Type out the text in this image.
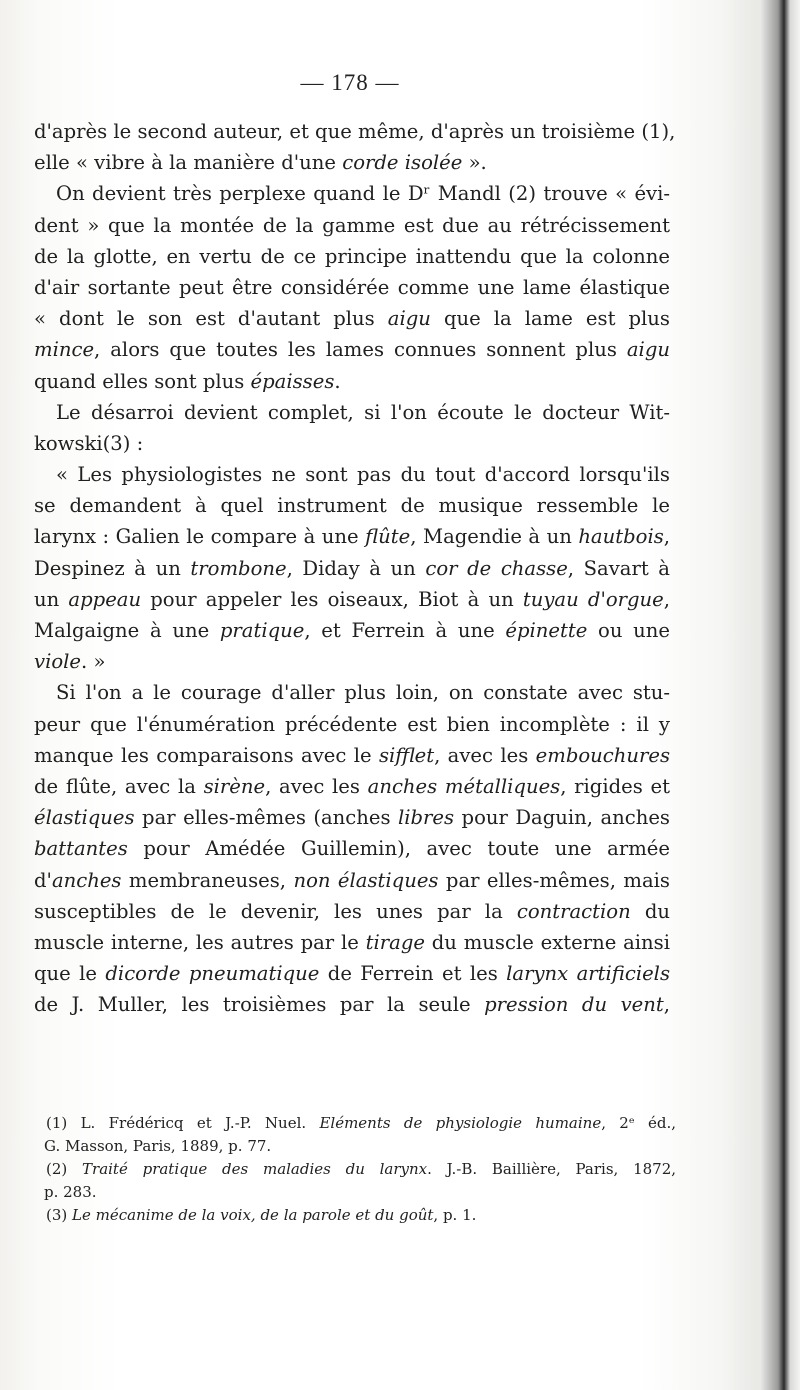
— 178 —
d'après le second auteur, et que même, d'après un troisième (1),
elle « vibre à la manière d'une corde isolée ».
On devient très perplexe quand le Dʳ Mandl (2) trouve « évi-
dent » que la montée de la gamme est due au rétrécissement
de la glotte, en vertu de ce principe inattendu que la colonne
d'air sortante peut être considérée comme une lame élastique
« dont le son est d'autant plus aigu que la lame est plus
mince, alors que toutes les lames connues sonnent plus aigu
quand elles sont plus épaisses.
Le désarroi devient complet, si l'on écoute le docteur Wit-
kowski(3) :
« Les physiologistes ne sont pas du tout d'accord lorsqu'ils
se demandent à quel instrument de musique ressemble le
larynx : Galien le compare à une flûte, Magendie à un hautbois,
Despinez à un trombone, Diday à un cor de chasse, Savart à
un appeau pour appeler les oiseaux, Biot à un tuyau d'orgue,
Malgaigne à une pratique, et Ferrein à une épinette ou une
viole. »
Si l'on a le courage d'aller plus loin, on constate avec stu-
peur que l'énumération précédente est bien incomplète : il y
manque les comparaisons avec le sifflet, avec les embouchures
de flûte, avec la sirène, avec les anches métalliques, rigides et
élastiques par elles-mêmes (anches libres pour Daguin, anches
battantes pour Amédée Guillemin), avec toute une armée
d'anches membraneuses, non élastiques par elles-mêmes, mais
susceptibles de le devenir, les unes par la contraction du
muscle interne, les autres par le tirage du muscle externe ainsi
que le dicorde pneumatique de Ferrein et les larynx artificiels
de J. Muller, les troisièmes par la seule pression du vent,
(1) L. Frédéricq et J.-P. Nuel. Eléments de physiologie humaine, 2ᵉ éd.,
G. Masson, Paris, 1889, p. 77.
(2) Traité pratique des maladies du larynx. J.-B. Baillière, Paris, 1872,
p. 283.
(3) Le mécanime de la voix, de la parole et du goût, p. 1.
